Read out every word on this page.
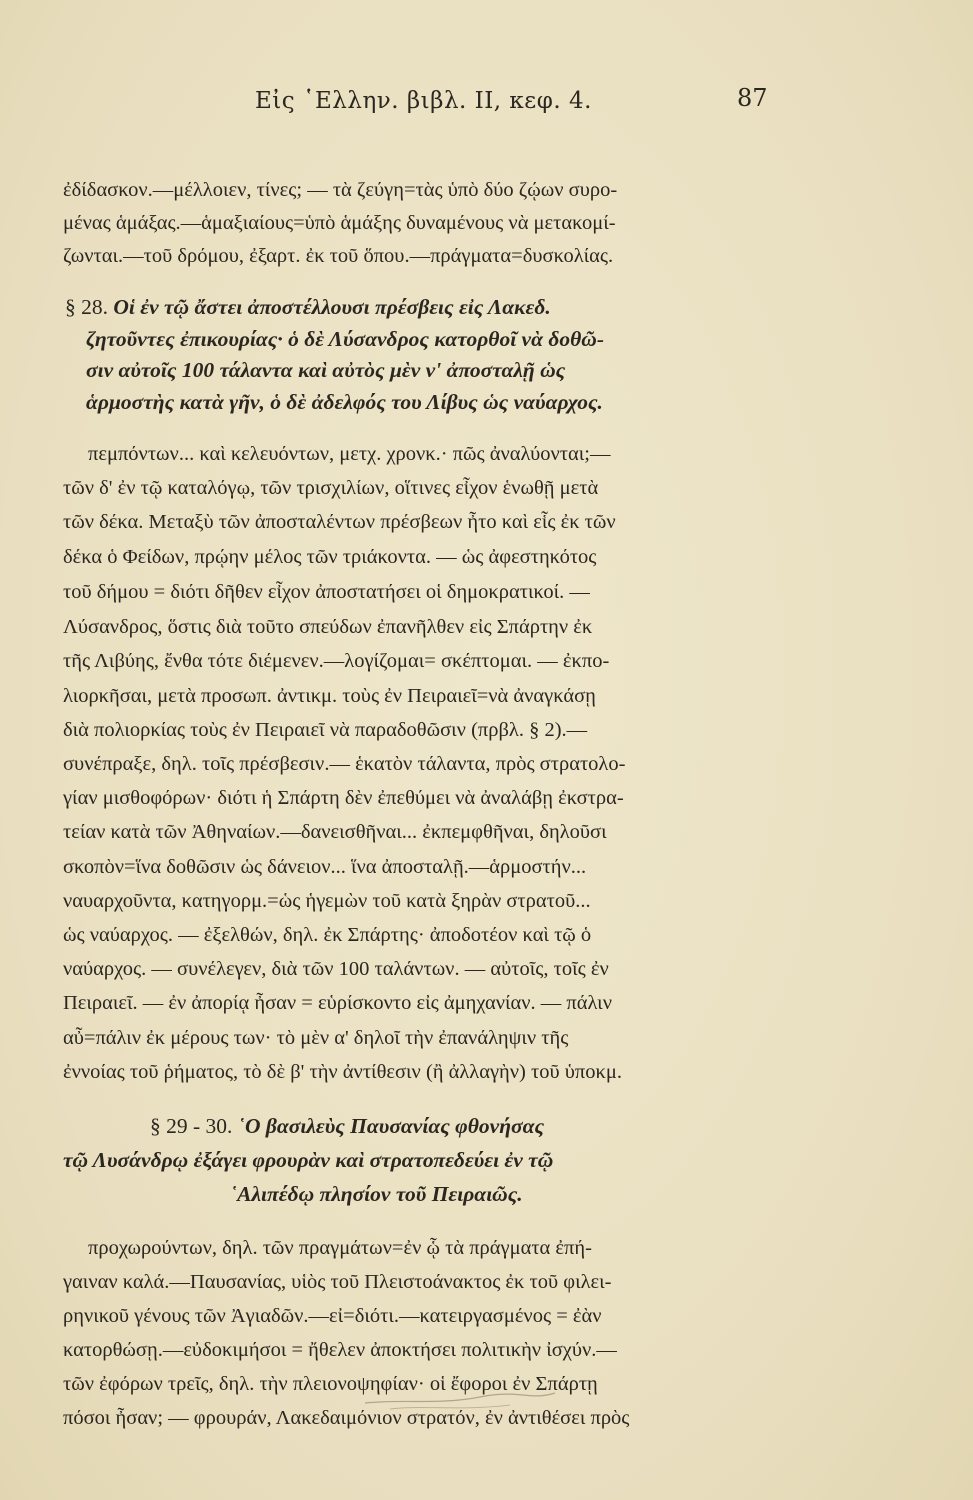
Εἰς ῾Ελλην. βιβλ. II, κεφ. 4.	87
ἐδίδασκον.—μέλλοιεν, τίνες; — τὰ ζεύγη=τὰς ὑπὸ δύο ζῴων συρο-
μένας ἁμάξας.—ἁμαξιαίους=ὑπὸ ἁμάξης δυναμένους νὰ μετακομί-
ζωνται.—τοῦ δρόμου, ἐξαρτ. ἐκ τοῦ ὅπου.—πράγματα=δυσκολίας.
§ 28. Οἱ ἐν τῷ ἄστει ἀποστέλλουσι πρέσβεις εἰς Λακεδ.
ζητοῦντες ἐπικουρίας· ὁ δὲ Λύσανδρος κατορθοῖ νὰ δοθῶ-
σιν αὐτοῖς 100 τάλαντα καὶ αὐτὸς μὲν ν' ἀποσταλῇ ὡς
ἁρμοστὴς κατὰ γῆν, ὁ δὲ ἀδελφός του Λίβυς ὡς ναύαρχος.
πεμπόντων... καὶ κελευόντων, μετχ. χρονκ.· πῶς ἀναλύονται;—
τῶν δ' ἐν τῷ καταλόγῳ, τῶν τρισχιλίων, οἵτινες εἶχον ἑνωθῇ μετὰ
τῶν δέκα. Μεταξὺ τῶν ἀποσταλέντων πρέσβεων ἦτο καὶ εἷς ἐκ τῶν
δέκα ὁ Φείδων, πρῴην μέλος τῶν τριάκοντα. — ὡς ἀφεστηκότος
τοῦ δήμου = διότι δῆθεν εἶχον ἀποστατήσει οἱ δημοκρατικοί. —
Λύσανδρος, ὅστις διὰ τοῦτο σπεύδων ἐπανῆλθεν εἰς Σπάρτην ἐκ
τῆς Λιβύης, ἔνθα τότε διέμενεν.—λογίζομαι= σκέπτομαι. — ἐκπο-
λιορκῆσαι, μετὰ προσωπ. ἀντικμ. τοὺς ἐν Πειραιεῖ=νὰ ἀναγκάσῃ
διὰ πολιορκίας τοὺς ἐν Πειραιεῖ νὰ παραδοθῶσιν (πρβλ. § 2).—
συνέπραξε, δηλ. τοῖς πρέσβεσιν.— ἑκατὸν τάλαντα, πρὸς στρατολο-
γίαν μισθοφόρων· διότι ἡ Σπάρτη δὲν ἐπεθύμει νὰ ἀναλάβῃ ἐκστρα-
τείαν κατὰ τῶν Ἀθηναίων.—δανεισθῆναι... ἐκπεμφθῆναι, δηλοῦσι
σκοπὸν=ἵνα δοθῶσιν ὡς δάνειον... ἵνα ἀποσταλῇ.—ἁρμοστήν...
ναυαρχοῦντα, κατηγορμ.=ὡς ἡγεμὼν τοῦ κατὰ ξηρὰν στρατοῦ...
ὡς ναύαρχος. — ἐξελθών, δηλ. ἐκ Σπάρτης· ἀποδοτέον καὶ τῷ ὁ
ναύαρχος. — συνέλεγεν, διὰ τῶν 100 ταλάντων. — αὐτοῖς, τοῖς ἐν
Πειραιεῖ. — ἐν ἀπορίᾳ ἦσαν = εὑρίσκοντο εἰς ἀμηχανίαν. — πάλιν
αὖ=πάλιν ἐκ μέρους των· τὸ μὲν α' δηλοῖ τὴν ἐπανάληψιν τῆς
ἐννοίας τοῦ ῥήματος, τὸ δὲ β' τὴν ἀντίθεσιν (ἢ ἀλλαγὴν) τοῦ ὑποκμ.
§ 29 - 30. ῾Ο βασιλεὺς Παυσανίας φθονήσας
τῷ Λυσάνδρῳ ἐξάγει φρουρὰν καὶ στρατοπεδεύει ἐν τῷ
῾Αλιπέδῳ πλησίον τοῦ Πειραιῶς.
προχωρούντων, δηλ. τῶν πραγμάτων=ἐν ᾧ τὰ πράγματα ἐπή-
γαιναν καλά.—Παυσανίας, υἱὸς τοῦ Πλειστοάνακτος ἐκ τοῦ φιλει-
ρηνικοῦ γένους τῶν Ἀγιαδῶν.—εἰ=διότι.—κατειργασμένος = ἐὰν
κατορθώσῃ.—εὐδοκιμήσοι = ἤθελεν ἀποκτήσει πολιτικὴν ἰσχύν.—
τῶν ἐφόρων τρεῖς, δηλ. τὴν πλειονοψηφίαν· οἱ ἔφοροι ἐν Σπάρτῃ
πόσοι ἦσαν; — φρουράν, Λακεδαιμόνιον στρατόν, ἐν ἀντιθέσει πρὸς
